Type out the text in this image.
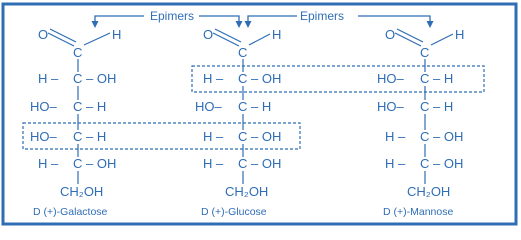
Epimers	Epimers
O	H
C
H – C – OH
HO– C – H
HO– C – H
H – C – OH
CH₂OH
D (+)-Galactose
O	H
C
H – C – OH
HO– C – H
H – C – OH
H – C – OH
CH₂OH
D (+)-Glucose
O	H
C
HO– C – H
HO– C – H
H – C – OH
H – C – OH
CH₂OH
D (+)-Mannose
